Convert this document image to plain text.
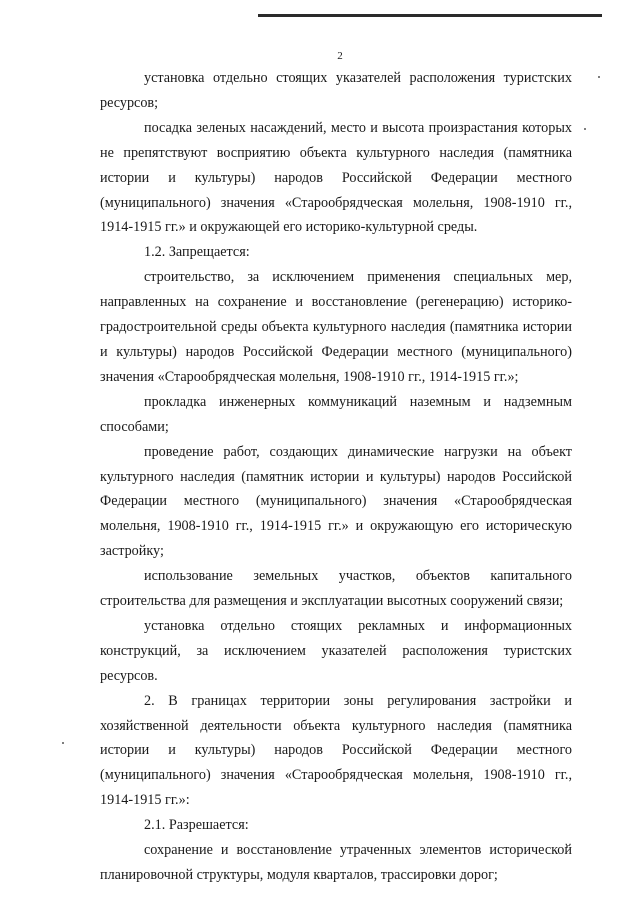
2
установка отдельно стоящих указателей расположения туристских ресурсов;
посадка зеленых насаждений, место и высота произрастания которых не препятствуют восприятию объекта культурного наследия (памятника истории и культуры) народов Российской Федерации местного (муниципального) значения «Старообрядческая молельня, 1908-1910 гг., 1914-1915 гг.» и окружающей его историко-культурной среды.
1.2. Запрещается:
строительство, за исключением применения специальных мер, направленных на сохранение и восстановление (регенерацию) историко-градостроительной среды объекта культурного наследия (памятника истории и культуры) народов Российской Федерации местного (муниципального) значения «Старообрядческая молельня, 1908-1910 гг., 1914-1915 гг.»;
прокладка инженерных коммуникаций наземным и надземным способами;
проведение работ, создающих динамические нагрузки на объект культурного наследия (памятник истории и культуры) народов Российской Федерации местного (муниципального) значения «Старообрядческая молельня, 1908-1910 гг., 1914-1915 гг.» и окружающую его историческую застройку;
использование земельных участков, объектов капитального строительства для размещения и эксплуатации высотных сооружений связи;
установка отдельно стоящих рекламных и информационных конструкций, за исключением указателей расположения туристских ресурсов.
2. В границах территории зоны регулирования застройки и хозяйственной деятельности объекта культурного наследия (памятника истории и культуры) народов Российской Федерации местного (муниципального) значения «Старообрядческая молельня, 1908-1910 гг., 1914-1915 гг.»:
2.1. Разрешается:
сохранение и восстановление утраченных элементов исторической планировочной структуры, модуля кварталов, трассировки дорог;
